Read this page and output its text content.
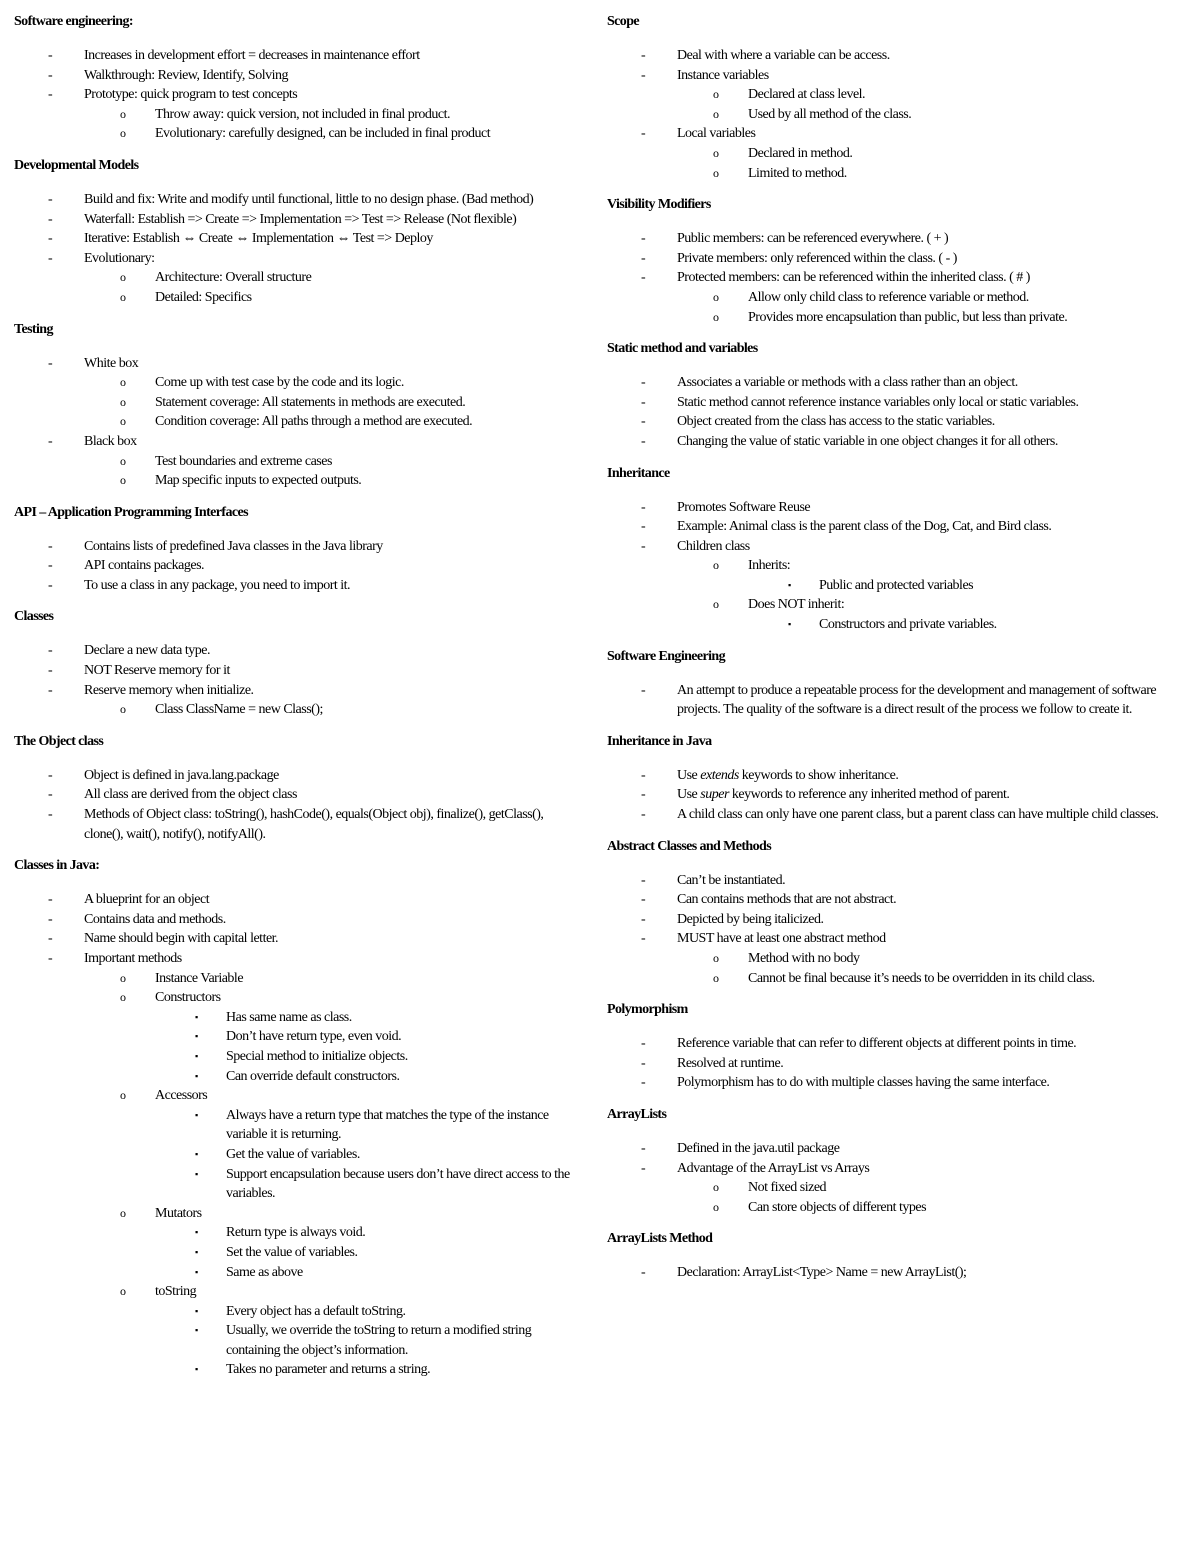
Software engineering:
- Increases in development effort = decreases in maintenance effort
- Walkthrough: Review, Identify, Solving
- Prototype: quick program to test concepts
o Throw away: quick version, not included in final product.
o Evolutionary: carefully designed, can be included in final product
Developmental Models
- Build and fix: Write and modify until functional, little to no design phase. (Bad method)
- Waterfall: Establish => Create => Implementation => Test => Release (Not flexible)
- Iterative: Establish ⇔ Create ⇔ Implementation ⇔ Test => Deploy
- Evolutionary:
o Architecture: Overall structure
o Detailed: Specifics
Testing
- White box
o Come up with test case by the code and its logic.
o Statement coverage: All statements in methods are executed.
o Condition coverage: All paths through a method are executed.
- Black box
o Test boundaries and extreme cases
o Map specific inputs to expected outputs.
API – Application Programming Interfaces
- Contains lists of predefined Java classes in the Java library
- API contains packages.
- To use a class in any package, you need to import it.
Classes
- Declare a new data type.
- NOT Reserve memory for it
- Reserve memory when initialize.
o Class ClassName = new Class();
The Object class
- Object is defined in java.lang.package
- All class are derived from the object class
- Methods of Object class: toString(), hashCode(), equals(Object obj), finalize(), getClass(), clone(), wait(), notify(), notifyAll().
Classes in Java:
- A blueprint for an object
- Contains data and methods.
- Name should begin with capital letter.
- Important methods
o Instance Variable
o Constructors
▪ Has same name as class.
▪ Don’t have return type, even void.
▪ Special method to initialize objects.
▪ Can override default constructors.
o Accessors
▪ Always have a return type that matches the type of the instance variable it is returning.
▪ Get the value of variables.
▪ Support encapsulation because users don’t have direct access to the variables.
o Mutators
▪ Return type is always void.
▪ Set the value of variables.
▪ Same as above
o toString
▪ Every object has a default toString.
▪ Usually, we override the toString to return a modified string containing the object’s information.
▪ Takes no parameter and returns a string.
Scope
- Deal with where a variable can be access.
- Instance variables
o Declared at class level.
o Used by all method of the class.
- Local variables
o Declared in method.
o Limited to method.
Visibility Modifiers
- Public members: can be referenced everywhere. ( + )
- Private members: only referenced within the class. ( - )
- Protected members: can be referenced within the inherited class. ( # )
o Allow only child class to reference variable or method.
o Provides more encapsulation than public, but less than private.
Static method and variables
- Associates a variable or methods with a class rather than an object.
- Static method cannot reference instance variables only local or static variables.
- Object created from the class has access to the static variables.
- Changing the value of static variable in one object changes it for all others.
Inheritance
- Promotes Software Reuse
- Example: Animal class is the parent class of the Dog, Cat, and Bird class.
- Children class
o Inherits:
▪ Public and protected variables
o Does NOT inherit:
▪ Constructors and private variables.
Software Engineering
- An attempt to produce a repeatable process for the development and management of software projects. The quality of the software is a direct result of the process we follow to create it.
Inheritance in Java
- Use extends keywords to show inheritance.
- Use super keywords to reference any inherited method of parent.
- A child class can only have one parent class, but a parent class can have multiple child classes.
Abstract Classes and Methods
- Can’t be instantiated.
- Can contains methods that are not abstract.
- Depicted by being italicized.
- MUST have at least one abstract method
o Method with no body
o Cannot be final because it’s needs to be overridden in its child class.
Polymorphism
- Reference variable that can refer to different objects at different points in time.
- Resolved at runtime.
- Polymorphism has to do with multiple classes having the same interface.
ArrayLists
- Defined in the java.util package
- Advantage of the ArrayList vs Arrays
o Not fixed sized
o Can store objects of different types
ArrayLists Method
- Declaration: ArrayList<Type> Name = new ArrayList();
